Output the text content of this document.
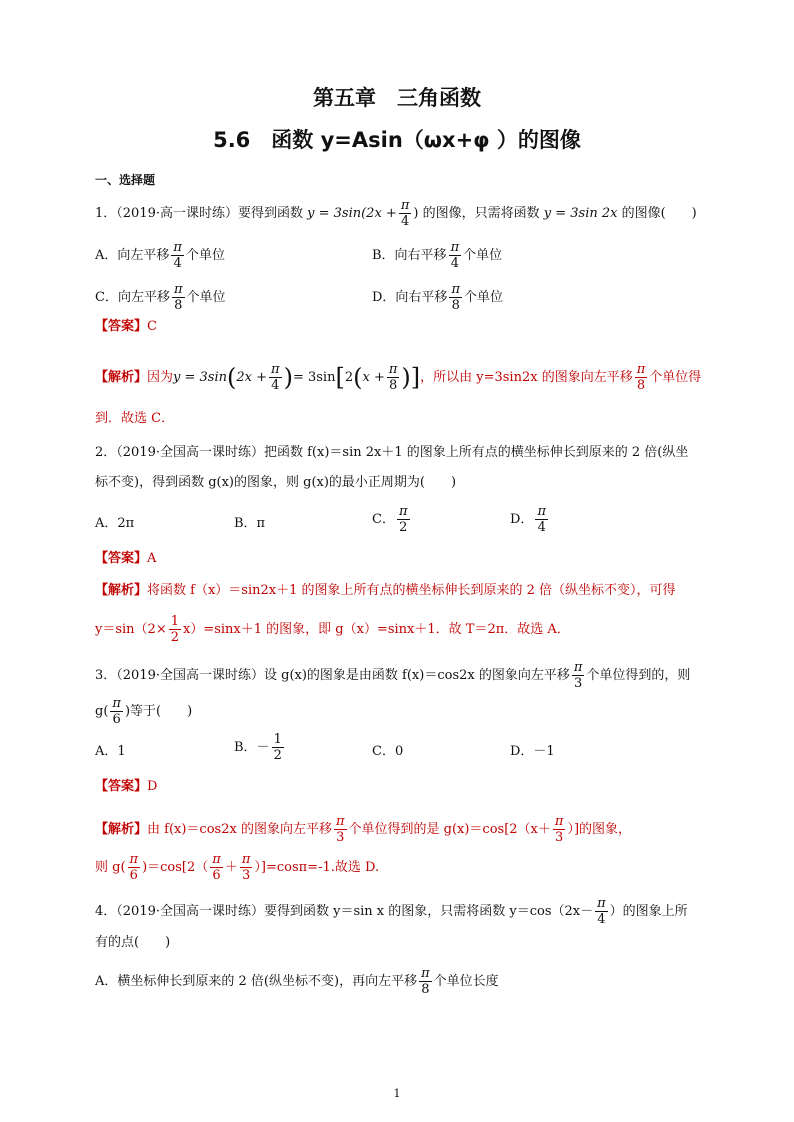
第五章　三角函数
5.6　函数 y=Asin（ωx+φ ）的图像
一、选择题
1．（2019·高一课时练）要得到函数 $y = 3\sin(2x + \frac{\pi}{4}$ ) 的图像，只需将函数 y = 3sin 2x 的图像(　　)
A．向左平移 $\frac{\pi}{4}$ 个单位	B．向右平移 $\frac{\pi}{4}$ 个单位
C．向左平移 $\frac{\pi}{8}$ 个单位	D．向右平移 $\frac{\pi}{8}$ 个单位
【答案】C
【解析】因为$y = 3\sin(2x + \frac{\pi}{4}$ )= $3\sin[2(x + \frac{\pi}{8}$ )]，所以由 y=3sin2x 的图象向左平移 $\frac{\pi}{8}$ 个单位得
到．故选 C．
2．（2019·全国高一课时练）把函数 f(x)＝sin 2x＋1 的图象上所有点的横坐标伸长到原来的 2 倍(纵坐
标不变)，得到函数 g(x)的图象，则 g(x)的最小正周期为(　　)
A．2π	B．π	C． $\frac{\pi}{2}$	D． $\frac{\pi}{4}$
【答案】A
【解析】将函数 f（x）＝sin2x＋1 的图象上所有点的横坐标伸长到原来的 2 倍（纵坐标不变），可得
$y=\sin(2\times \frac{1}{2} x)=\sin x+1$ 的图象，即 g（x）=sinx＋1．故 T＝2π．故选 A．
3．（2019·全国高一课时练）设 g(x)的图象是由函数 f(x)＝cos2x 的图象向左平移 $\frac{\pi}{3}$ 个单位得到的，则
$g( \frac{\pi}{6}$ )等于(　　)
A．1	B．－ $\frac{1}{2}$	C．0	D．－1
【答案】D
【解析】由 f(x)＝cos2x 的图象向左平移 $\frac{\pi}{3}$ 个单位得到的是 $g(x)=\cos[2(x+ \frac{\pi}{3}$ ）]的图象，
则 $g( \frac{\pi}{6} )=\cos[2( \frac{\pi}{6} + \frac{\pi}{3} )]=\cos\pi=-1$.故选 D.
4．（2019·全国高一课时练）要得到函数 y＝sin x 的图象，只需将函数 $y=\cos(2x- \frac{\pi}{4}$ ）的图象上所
有的点(　　)
A．横坐标伸长到原来的 2 倍(纵坐标不变)，再向左平移 $\frac{\pi}{8}$ 个单位长度
1
